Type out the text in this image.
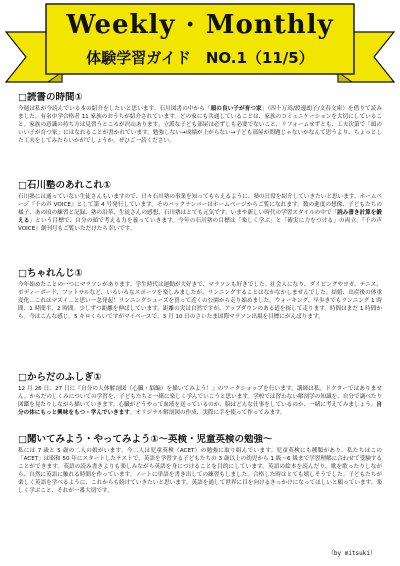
Weekly · Monthly
体験学習ガイド　NO.1（11/5）
□読書の時間①
今週は私が今読んでいる本の紹介をしたいと思います。石川図書の中から「頭の良い子が育つ家」（四十万靖/渡邊朗子/文春文庫）を借りて読みました。有名中学合格者 11 家族のおうちが紹介されています。どの家にも共通していることは、家族のコミュニケーションを大切にしていること。家族の意識の持ち方は見習うところが沢山あります。立派な子ども部屋は必ずしも必要でないこと、リフォームせずとも、工夫次第で「頭のいい子が育つ家」にはなれることが書かれています。勉強しない→成績が上がらない→子ども部屋が問題じゃないかなんて思うより、ちょっとした工夫をしてみたらいかがでしょうか。ぜひご一読ください。
□石川塾のあれこれ①
石川塾には通っていない生徒さんもいますので、日々石川塾の事業を知ってもらえるように、塾の日常を紹介していきたいと思います。ホームページ『千の声 VOICE』として第 4 号発行しています。そのバックナンバーはホームページからご覧になれます。数の進度の想像、子どもたちの様子、あの頃の練習と記録、塾の沿革、生徒さんの感想、石川塾はとても元気です。いまや新しい時代の学習スタイルの中で「読み書き計算を鍛える」という目標で、自分の頭で考える力を養っていきます。今年の石川塾の目標は「楽しく学ぶ」と「確実に力をつける」の両立。『千の声 VOICE』創刊号もご覧いただけたら幸いです。
□ちゃれんじ①
今年始めたことの一つにマラソンがあります。学生時代は運動が大好きで、マラソンも好きでした。社会人になり、ダイビングやヨガ、テニス、ボディーボード、フットサルなど、いろいろなスポーツを楽しみましたが、ランニングすることはなかなかしませんでした。結婚、出産後の体重変化…これはマズイ…と思い一念発起！ランニングシューズを買って近くの公園から走り始めました。ウォーキング、早歩きでもランニング 1 時間、1 時間半、2 時間。少しずつ距離を伸ばしています。距離の実は自然ですが、アップダウンのある道を探して走ります。時間はまだ 1 時間から。今はこんな感じ。5 キロくらいですがマイペースで。3 月 10 日のさいたま国際マラソン出場を目標にがんばります。
□からだのふしぎ①
12 月 26 日、27 日に『自分の人体解剖図（心臓・脳編）を描いてみよう！』のワークショップを行います。講師は私。ドクターではありません。からだのしくみについての学習を、子どもたちと一緒に楽しく学んでいこうと思います。学校では習わない解剖学の知識を、自分で調べたり図鑑を見たりしながら描いていきます。心臓がどうやって血液を送っているのか、脳はどんな仕事をしているのか、一緒に考えてみましょう。自分の体にもっと興味をもつ・学んでいきます。オリジナル解剖図の作成、実際に手を使って作ってみます。
□聞いてみよう・やってみよう①〜英検・児童英検の勉強〜
私には 7 歳と 5 歳の二人の娘がいます。今二人は児童英検（ACET）の勉強に取り組んでいます。児童英検にも種類があり、私たちはこの「ACET」は昭和 50 年にスタートしたテストで、英語を学習する子どもたちの 3 歳以上の幼児から 1 級〜6 級まで学習理解に合わせて受験することができます。英語の読み書きよりも楽しみながら英語を身につけることを目的にしています。英語の絵本を読んだり、歌を歌ったりしながら、自然に英語に触れる時間を作っています。ノートに単語を書き出しての練習もしました。合格した時はとても嬉しそうでした。子どもたちが楽しく英語を学べるように、これからも続けていきたいと思います。英語を通して世界に目を向けるきっかけになってほしいと願っています。楽しく学ぶこと、それが一番大切です。
（by mitsuki）
